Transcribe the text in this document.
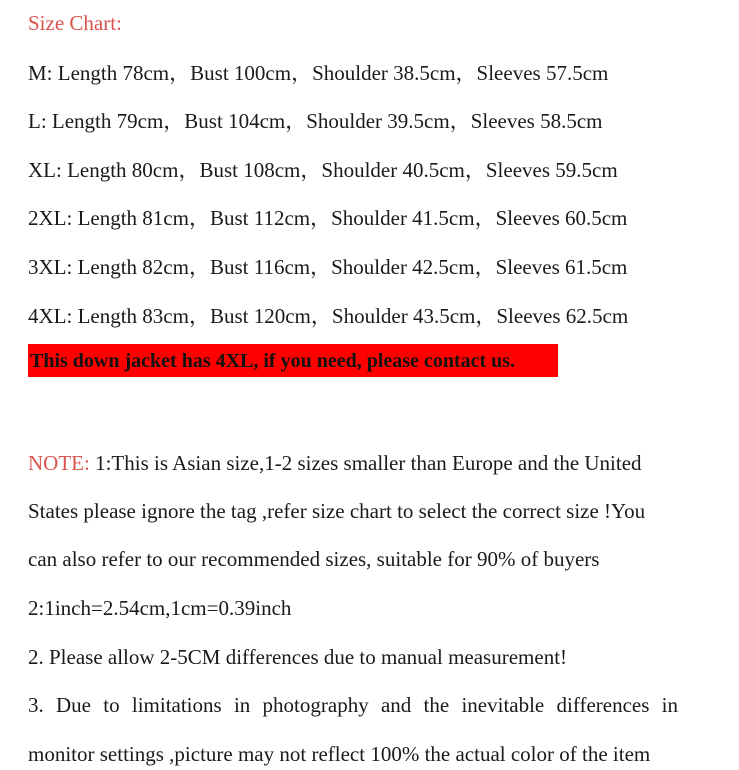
Size Chart:
M: Length 78cm，Bust 100cm，Shoulder 38.5cm，Sleeves 57.5cm
L: Length 79cm，Bust 104cm，Shoulder 39.5cm，Sleeves 58.5cm
XL: Length 80cm，Bust 108cm，Shoulder 40.5cm，Sleeves 59.5cm
2XL: Length 81cm，Bust 112cm，Shoulder 41.5cm，Sleeves 60.5cm
3XL: Length 82cm，Bust 116cm，Shoulder 42.5cm，Sleeves 61.5cm
4XL: Length 83cm，Bust 120cm，Shoulder 43.5cm，Sleeves 62.5cm
This down jacket has 4XL, if you need, please contact us.
NOTE: 1:This is Asian size,1-2 sizes smaller than Europe and the United
States please ignore the tag ,refer size chart to select the correct size !You
can also refer to our recommended sizes, suitable for 90% of buyers
2:1inch=2.54cm,1cm=0.39inch
2. Please allow 2-5CM differences due to manual measurement!
3. Due to limitations in photography and the inevitable differences in
monitor settings ,picture may not reflect 100% the actual color of the item
